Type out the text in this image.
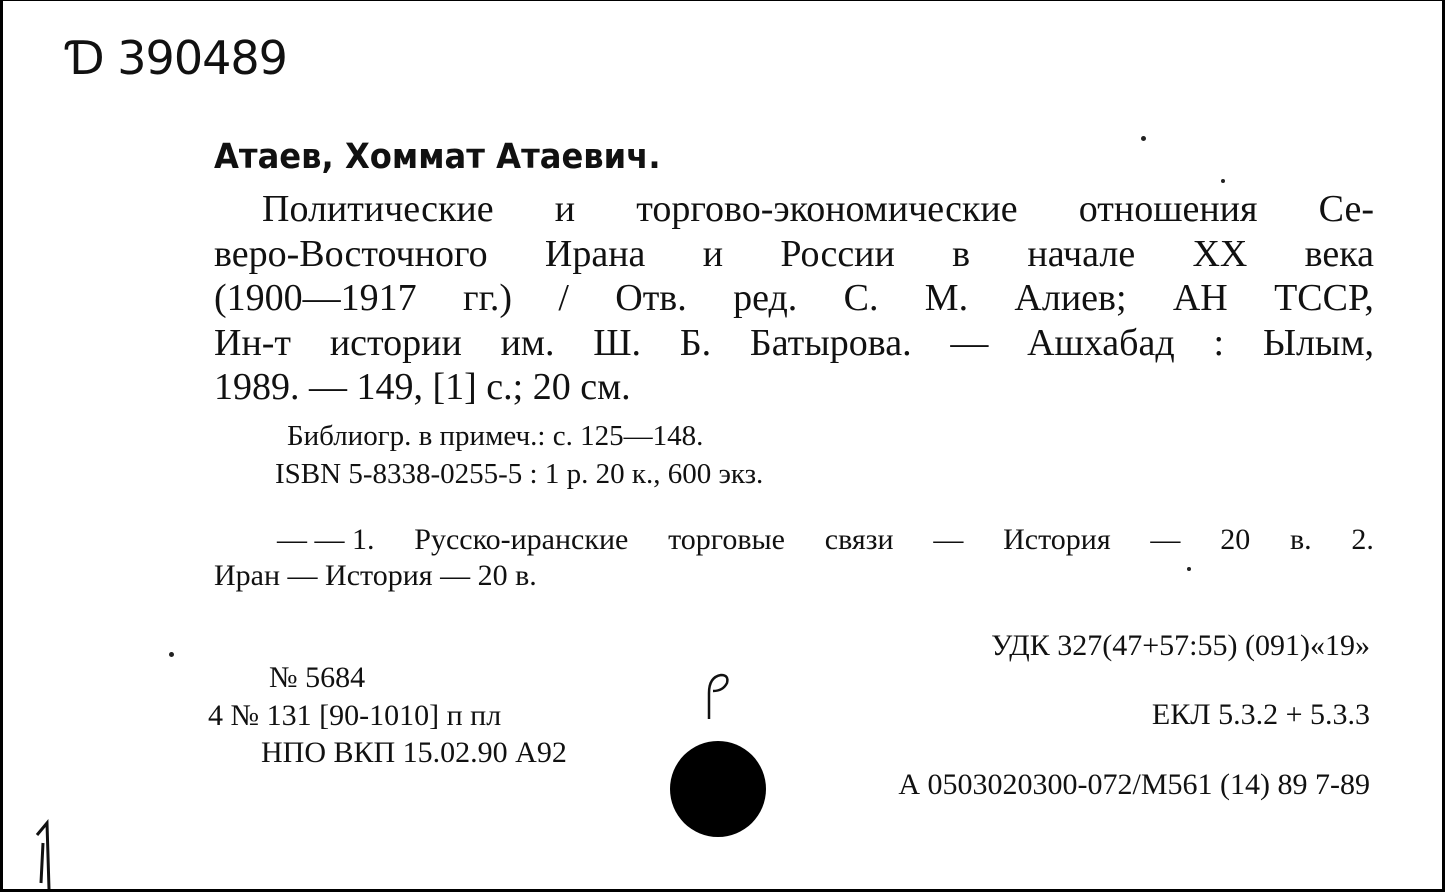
Ɗ 390489
Атаев, Хоммат Атаевич.
Политические и торгово-экономические отношения Се-
веро-Восточного Ирана и России в начале XX века
(1900—1917 гг.) / Отв. ред. С. М. Алиев; АН ТССР,
Ин-т истории им. Ш. Б. Батырова. — Ашхабад : Ылым,
1989. — 149, [1] с.; 20 см.
Библиогр. в примеч.: с. 125—148.
ISBN 5-8338-0255-5 : 1 р. 20 к., 600 экз.
— — 1. Русско-иранские торговые связи — История — 20 в. 2.
Иран — История — 20 в.
УДК 327(47+57:55) (091)«19»
№ 5684
4 № 131 [90-1010] п пл
НПО ВКП 15.02.90 А92
ЕКЛ 5.3.2 + 5.3.3
А 0503020300-072/М561 (14) 89 7-89
